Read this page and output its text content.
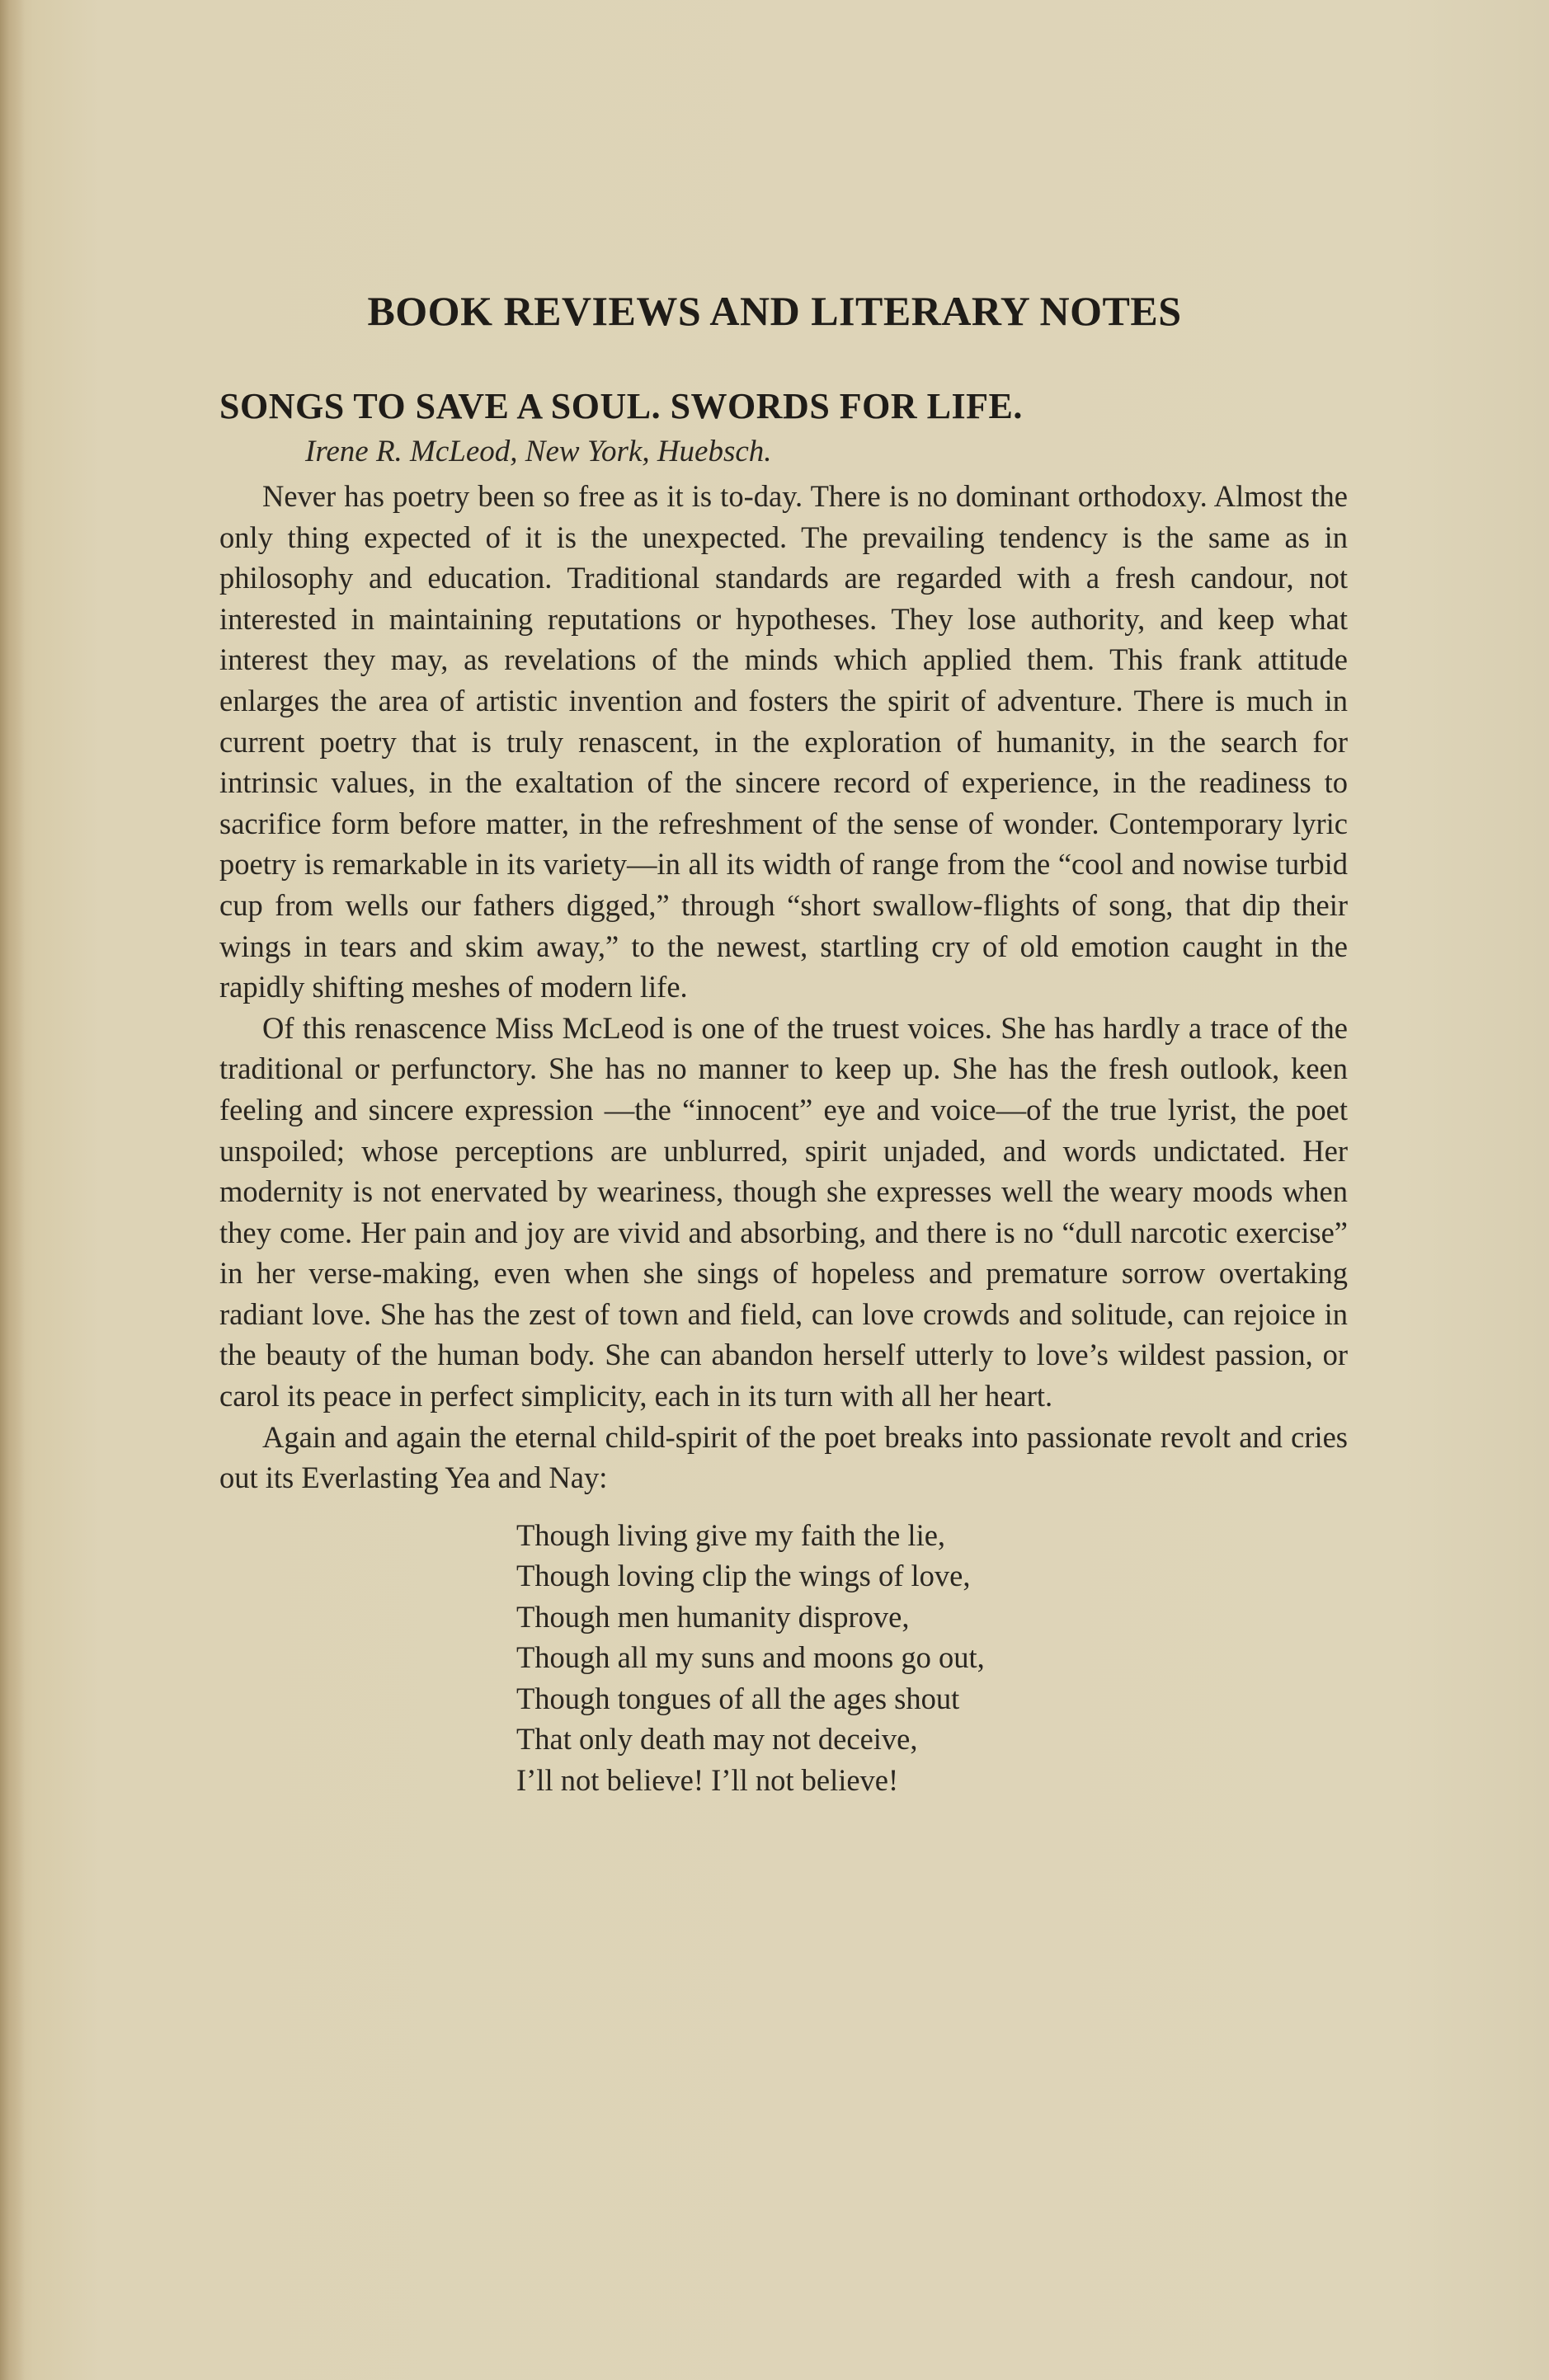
BOOK REVIEWS AND LITERARY NOTES
SONGS TO SAVE A SOUL. SWORDS FOR LIFE.
Irene R. McLeod, New York, Huebsch.

Never has poetry been so free as it is to-day. There is no dominant orthodoxy. Almost the only thing expected of it is the unexpected. The prevailing tendency is the same as in philosophy and education. Traditional standards are regarded with a fresh candour, not interested in maintaining reputations or hypotheses. They lose authority, and keep what interest they may, as revelations of the minds which applied them. This frank attitude enlarges the area of artistic invention and fosters the spirit of adventure. There is much in current poetry that is truly renascent, in the exploration of humanity, in the search for intrinsic values, in the exaltation of the sincere record of experience, in the readiness to sacrifice form before matter, in the refreshment of the sense of wonder. Contemporary lyric poetry is remarkable in its variety—in all its width of range from the “cool and nowise turbid cup from wells our fathers digged,” through “short swallow-flights of song, that dip their wings in tears and skim away,” to the newest, startling cry of old emotion caught in the rapidly shifting meshes of modern life.

Of this renascence Miss McLeod is one of the truest voices. She has hardly a trace of the traditional or perfunctory. She has no manner to keep up. She has the fresh outlook, keen feeling and sincere expression —the “innocent” eye and voice—of the true lyrist, the poet unspoiled; whose perceptions are unblurred, spirit unjaded, and words undictated. Her modernity is not enervated by weariness, though she expresses well the weary moods when they come. Her pain and joy are vivid and absorbing, and there is no “dull narcotic exercise” in her verse-making, even when she sings of hopeless and premature sorrow overtaking radiant love. She has the zest of town and field, can love crowds and solitude, can rejoice in the beauty of the human body. She can abandon herself utterly to love’s wildest passion, or carol its peace in perfect simplicity, each in its turn with all her heart.

Again and again the eternal child-spirit of the poet breaks into passionate revolt and cries out its Everlasting Yea and Nay:

Though living give my faith the lie,
Though loving clip the wings of love,
Though men humanity disprove,
Though all my suns and moons go out,
Though tongues of all the ages shout
That only death may not deceive,
I’ll not believe! I’ll not believe!
